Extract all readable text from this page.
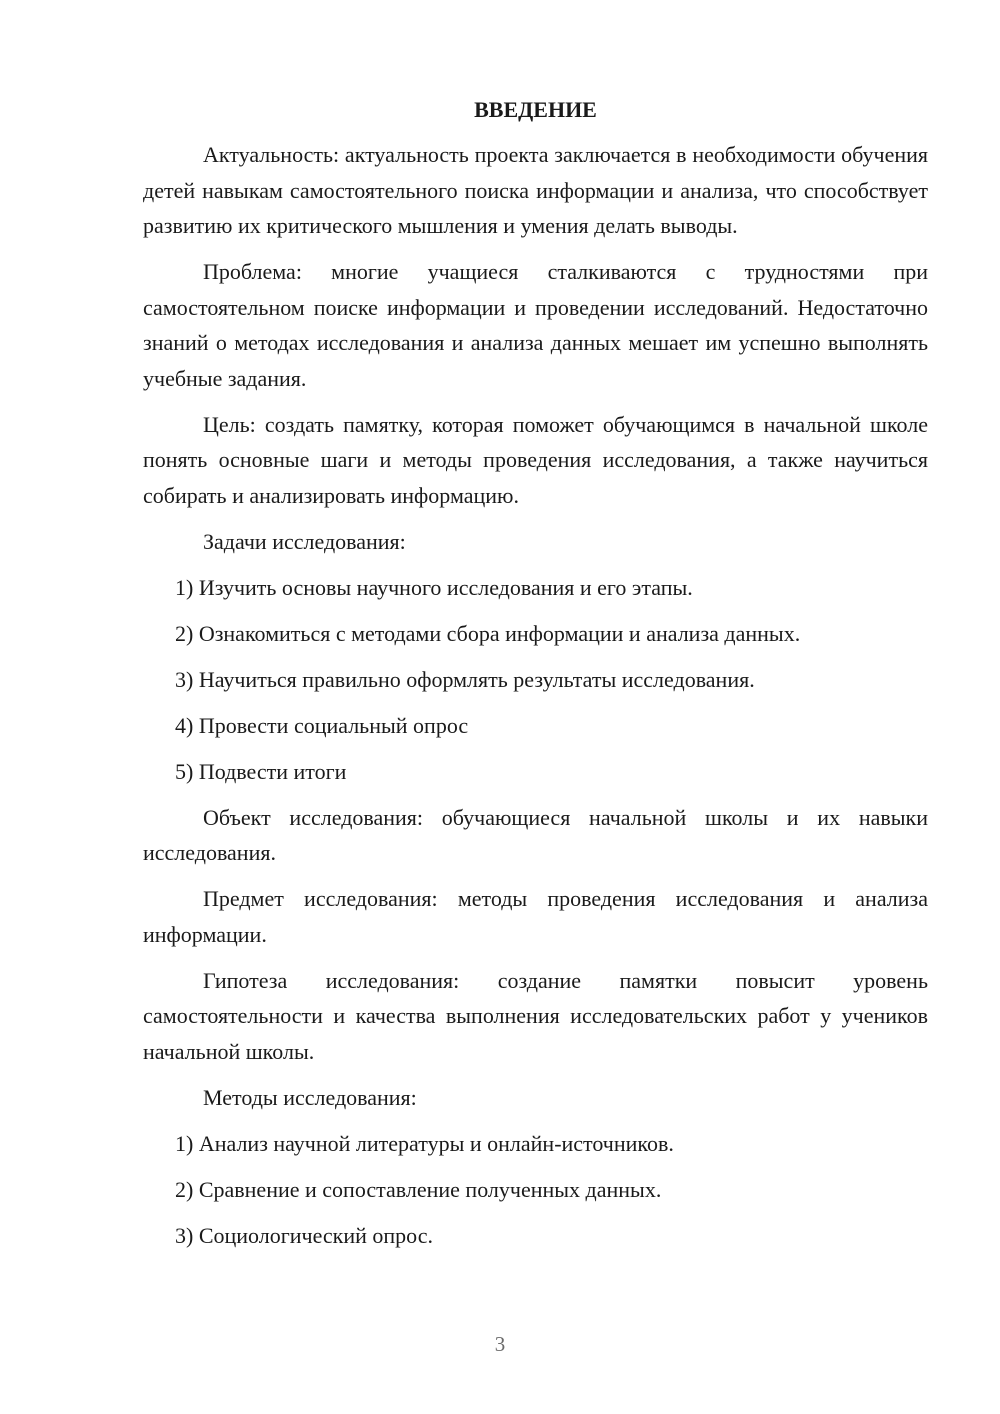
ВВЕДЕНИЕ

Актуальность: актуальность проекта заключается в необходимости обучения детей навыкам самостоятельного поиска информации и анализа, что способствует развитию их критического мышления и умения делать выводы.

Проблема: многие учащиеся сталкиваются с трудностями при самостоятельном поиске информации и проведении исследований. Недостаточно знаний о методах исследования и анализа данных мешает им успешно выполнять учебные задания.

Цель: создать памятку, которая поможет обучающимся в начальной школе понять основные шаги и методы проведения исследования, а также научиться собирать и анализировать информацию.

Задачи исследования:

1) Изучить основы научного исследования и его этапы.
2) Ознакомиться с методами сбора информации и анализа данных.
3) Научиться правильно оформлять результаты исследования.
4) Провести социальный опрос
5) Подвести итоги

Объект исследования: обучающиеся начальной школы и их навыки исследования.

Предмет исследования: методы проведения исследования и анализа информации.

Гипотеза исследования: создание памятки повысит уровень самостоятельности и качества выполнения исследовательских работ у учеников начальной школы.

Методы исследования:

1) Анализ научной литературы и онлайн-источников.
2) Сравнение и сопоставление полученных данных.
3) Социологический опрос.
3
